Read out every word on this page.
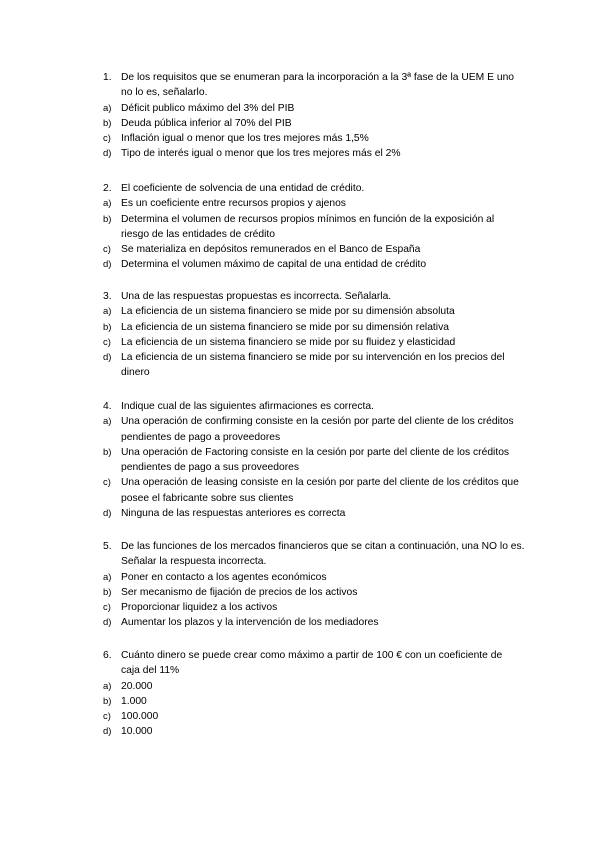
1. De los requisitos que se enumeran para la incorporación a la 3ª fase de la UEM E uno
no lo es, señalarlo.
a) Déficit publico máximo del 3% del PIB
b) Deuda pública inferior al 70% del PIB
c) Inflación igual o menor que los tres mejores más 1,5%
d) Tipo de interés igual o menor que los tres mejores más el 2%
2. El coeficiente de solvencia de una entidad de crédito.
a) Es un coeficiente entre recursos propios y ajenos
b) Determina el volumen de recursos propios mínimos en función de la exposición al
riesgo de las entidades de crédito
c) Se materializa en depósitos remunerados en el Banco de España
d) Determina el volumen máximo de capital de una entidad de crédito
3. Una de las respuestas propuestas es incorrecta. Señalarla.
a) La eficiencia de un sistema financiero se mide por su dimensión absoluta
b) La eficiencia de un sistema financiero se mide por su dimensión relativa
c) La eficiencia de un sistema financiero se mide por su fluidez y elasticidad
d) La eficiencia de un sistema financiero se mide por su intervención en los precios del
dinero
4. Indique cual de las siguientes afirmaciones es correcta.
a) Una operación de confirming consiste en la cesión por parte del cliente de los créditos
pendientes de pago a proveedores
b) Una operación de Factoring consiste en la cesión por parte del cliente de los créditos
pendientes de pago a sus proveedores
c) Una operación de leasing consiste en la cesión por parte del cliente de los créditos que
posee el fabricante sobre sus clientes
d) Ninguna de las respuestas anteriores es correcta
5. De las funciones de los mercados financieros que se citan a continuación, una NO lo es.
Señalar la respuesta incorrecta.
a) Poner en contacto a los agentes económicos
b) Ser mecanismo de fijación de precios de los activos
c) Proporcionar liquidez a los activos
d) Aumentar los plazos y la intervención de los mediadores
6. Cuánto dinero se puede crear como máximo a partir de 100 € con un coeficiente de
caja del 11%
a) 20.000
b) 1.000
c) 100.000
d) 10.000
